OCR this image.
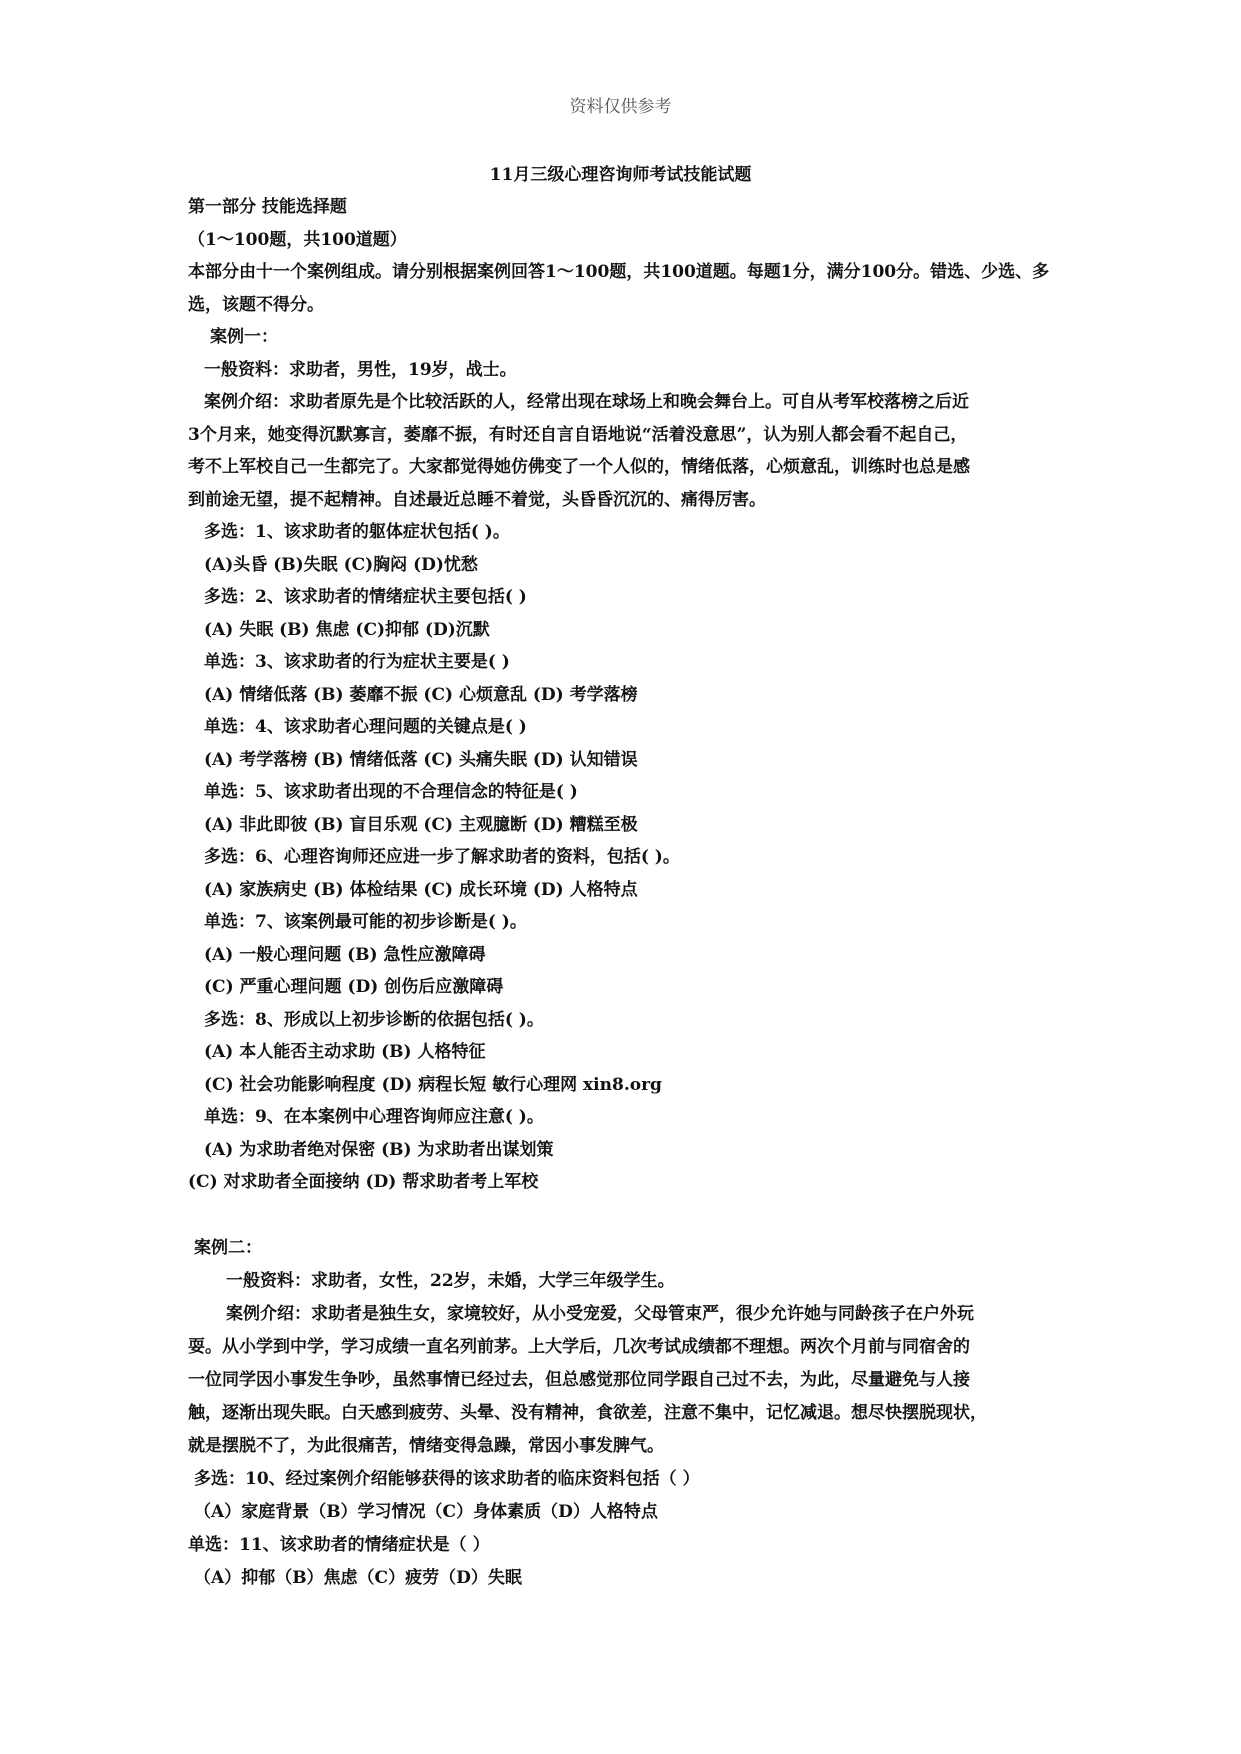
资料仅供参考
11月三级心理咨询师考试技能试题

第一部分 技能选择题

（1～100题，共100道题）

本部分由十一个案例组成。请分别根据案例回答1～100题，共100道题。每题1分，满分100分。错选、少选、多选，该题不得分。

案例一：

一般资料：求助者，男性，19岁，战士。

案例介绍：求助者原先是个比较活跃的人，经常出现在球场上和晚会舞台上。可自从考军校落榜之后近

3个月来，她变得沉默寡言，萎靡不振，有时还自言自语地说“活着没意思”，认为别人都会看不起自己，

考不上军校自己一生都完了。大家都觉得她仿佛变了一个人似的，情绪低落，心烦意乱，训练时也总是感

到前途无望，提不起精神。自述最近总睡不着觉，头昏昏沉沉的、痛得厉害。

多选：1、该求助者的躯体症状包括( )。

(A)头昏 (B)失眠 (C)胸闷 (D)忧愁

多选：2、该求助者的情绪症状主要包括( )

(A) 失眠 (B) 焦虑 (C)抑郁 (D)沉默

单选：3、该求助者的行为症状主要是( )

(A) 情绪低落 (B) 萎靡不振 (C) 心烦意乱 (D) 考学落榜

单选：4、该求助者心理问题的关键点是( )

(A) 考学落榜 (B) 情绪低落 (C) 头痛失眠 (D) 认知错误

单选：5、该求助者出现的不合理信念的特征是( )

(A) 非此即彼 (B) 盲目乐观 (C) 主观臆断 (D) 糟糕至极

多选：6、心理咨询师还应进一步了解求助者的资料，包括( )。

(A) 家族病史 (B) 体检结果 (C) 成长环境 (D) 人格特点

单选：7、该案例最可能的初步诊断是( )。

(A) 一般心理问题 (B) 急性应激障碍

(C) 严重心理问题 (D) 创伤后应激障碍

多选：8、形成以上初步诊断的依据包括( )。

(A) 本人能否主动求助 (B) 人格特征

(C) 社会功能影响程度 (D) 病程长短 敏行心理网 xin8.org

单选：9、在本案例中心理咨询师应注意( )。

(A) 为求助者绝对保密 (B) 为求助者出谋划策

(C) 对求助者全面接纳 (D) 帮求助者考上军校

案例二：

一般资料：求助者，女性，22岁，未婚，大学三年级学生。

案例介绍：求助者是独生女，家境较好，从小受宠爱，父母管束严，很少允许她与同龄孩子在户外玩

耍。从小学到中学，学习成绩一直名列前茅。上大学后，几次考试成绩都不理想。两次个月前与同宿舍的

一位同学因小事发生争吵，虽然事情已经过去，但总感觉那位同学跟自己过不去，为此，尽量避免与人接

触，逐渐出现失眠。白天感到疲劳、头晕、没有精神，食欲差，注意不集中，记忆减退。想尽快摆脱现状，

就是摆脱不了，为此很痛苦，情绪变得急躁，常因小事发脾气。

多选：10、经过案例介绍能够获得的该求助者的临床资料包括（ ）

（A）家庭背景（B）学习情况（C）身体素质（D）人格特点

单选：11、该求助者的情绪症状是（ ）

（A）抑郁（B）焦虑（C）疲劳（D）失眠
